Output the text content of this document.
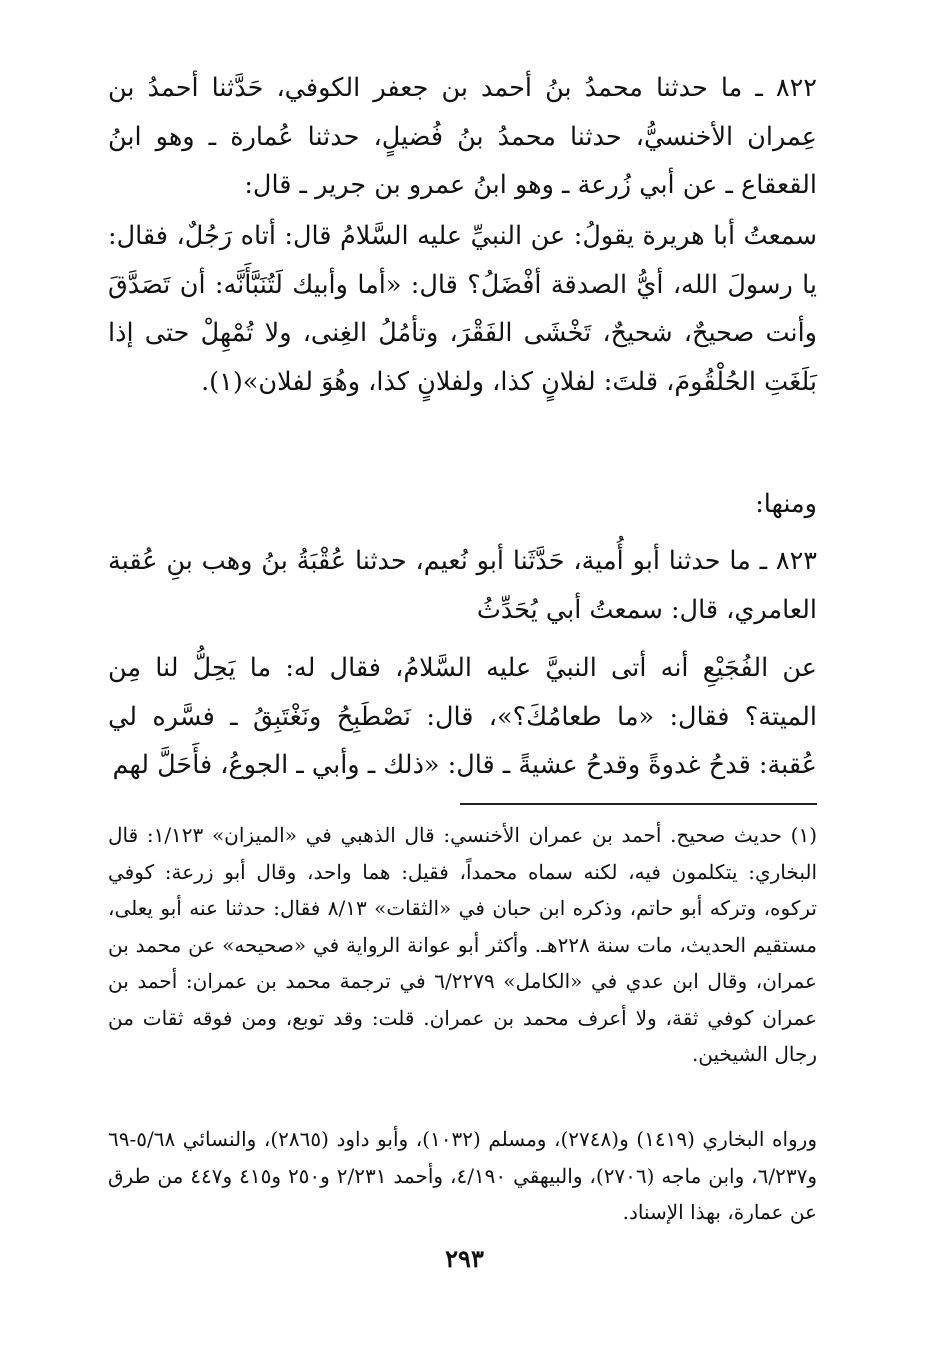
٨٢٢ ـ ما حدثنا محمدُ بنُ أحمد بن جعفر الكوفي، حَدَّثنا أحمدُ بن عِمران الأخنسيُّ، حدثنا محمدُ بنُ فُضيلٍ، حدثنا عُمارة ـ وهو ابنُ القعقاع ـ عن أبي زُرعة ـ وهو ابنُ عمرو بن جرير ـ قال:

سمعتُ أبا هريرة يقولُ: عن النبيِّ عليه السَّلامُ قال: أتاه رَجُلٌ، فقال: يا رسولَ الله، أيُّ الصدقة أفْضَلُ؟ قال: «أما وأبيك لَتُنَبَّأَنَّه: أن تَصَدَّقَ وأنت صحيحٌ، شحيحٌ، تَخْشَى الفَقْرَ، وتأمُلُ الغِنى، ولا تُمْهِلْ حتى إذا بَلَغَتِ الحُلْقُومَ، قلتَ: لفلانٍ كذا، ولفلانٍ كذا، وهُوَ لفلان»(١).

ومنها:

٨٢٣ ـ ما حدثنا أبو أُمية، حَدَّثَنا أبو نُعيم، حدثنا عُقْبَةُ بنُ وهب بنِ عُقبة العامري، قال: سمعتُ أبي يُحَدِّثُ

عن الفُجَيْعِ أنه أتى النبيَّ عليه السَّلامُ، فقال له: ما يَحِلُّ لنا مِن الميتة؟ فقال: «ما طعامُكَ؟»، قال: نَصْطَبِحُ ونَغْتَبِقُ ـ فسَّره لي عُقبة: قدحُ غدوةً وقدحُ عشيةً ـ قال: «ذلك ـ وأبي ـ الجوعُ، فأَحَلَّ لهم

(١) حديث صحيح. أحمد بن عمران الأخنسي: قال الذهبي في «الميزان» ١/١٢٣: قال البخاري: يتكلمون فيه، لكنه سماه محمداً، فقيل: هما واحد، وقال أبو زرعة: كوفي تركوه، وتركه أبو حاتم، وذكره ابن حبان في «الثقات» ٨/١٣ فقال: حدثنا عنه أبو يعلى، مستقيم الحديث، مات سنة ٢٢٨هـ. وأكثر أبو عوانة الرواية في «صحيحه» عن محمد بن عمران، وقال ابن عدي في «الكامل» ٦/٢٢٧٩ في ترجمة محمد بن عمران: أحمد بن عمران كوفي ثقة، ولا أعرف محمد بن عمران. قلت: وقد توبع، ومن فوقه ثقات من رجال الشيخين.

ورواه البخاري (١٤١٩) و(٢٧٤٨)، ومسلم (١٠٣٢)، وأبو داود (٢٨٦٥)، والنسائي ٥/٦٨-٦٩ و٦/٢٣٧، وابن ماجه (٢٧٠٦)، والبيهقي ٤/١٩٠، وأحمد ٢/٢٣١ و٢٥٠ و٤١٥ و٤٤٧ من طرق عن عمارة، بهذا الإسناد.

٢٩٣
